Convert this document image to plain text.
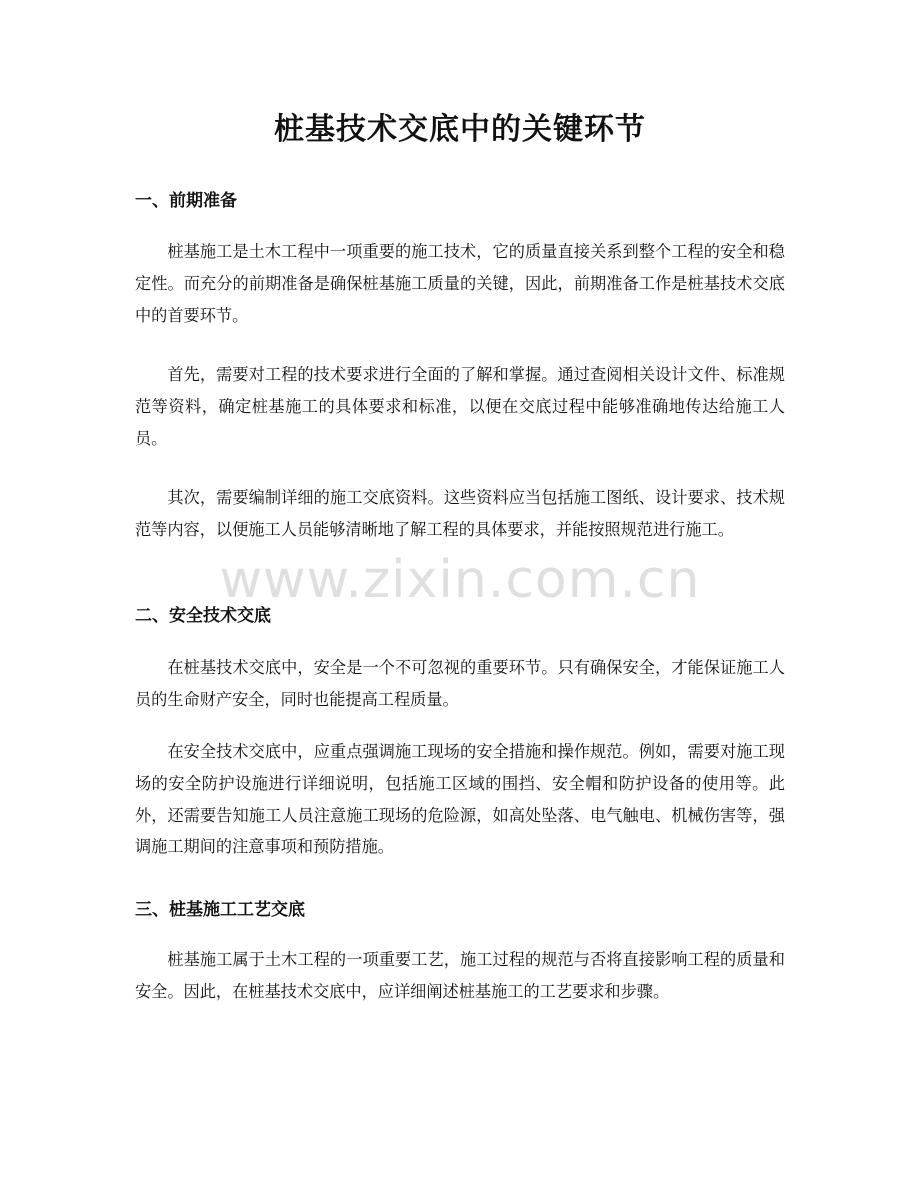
桩基技术交底中的关键环节
一、前期准备

桩基施工是土木工程中一项重要的施工技术，它的质量直接关系到整个工程的安全和稳定性。而充分的前期准备是确保桩基施工质量的关键，因此，前期准备工作是桩基技术交底中的首要环节。

首先，需要对工程的技术要求进行全面的了解和掌握。通过查阅相关设计文件、标准规范等资料，确定桩基施工的具体要求和标准，以便在交底过程中能够准确地传达给施工人员。

其次，需要编制详细的施工交底资料。这些资料应当包括施工图纸、设计要求、技术规范等内容，以便施工人员能够清晰地了解工程的具体要求，并能按照规范进行施工。

二、安全技术交底

在桩基技术交底中，安全是一个不可忽视的重要环节。只有确保安全，才能保证施工人员的生命财产安全，同时也能提高工程质量。

在安全技术交底中，应重点强调施工现场的安全措施和操作规范。例如，需要对施工现场的安全防护设施进行详细说明，包括施工区域的围挡、安全帽和防护设备的使用等。此外，还需要告知施工人员注意施工现场的危险源，如高处坠落、电气触电、机械伤害等，强调施工期间的注意事项和预防措施。

三、桩基施工工艺交底

桩基施工属于土木工程的一项重要工艺，施工过程的规范与否将直接影响工程的质量和安全。因此，在桩基技术交底中，应详细阐述桩基施工的工艺要求和步骤。

www.zixin.com.cn
